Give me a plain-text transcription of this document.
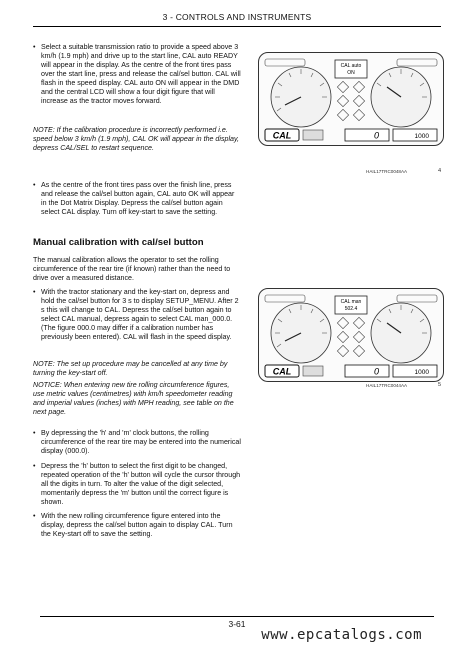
3 - CONTROLS AND INSTRUMENTS
• Select a suitable transmission ratio to provide a speed above 3 km/h (1.9 mph) and drive up to the start line, CAL auto READY will appear in the display. As the centre of the front tires pass over the start line, press and release the cal/sel button. CAL will flash in the speed display. CAL auto ON will appear in the DMD and the central LCD will show a four digit figure that will increase as the tractor moves forward.

NOTE: If the calibration procedure is incorrectly performed i.e. speed below 3 km/h (1.9 mph), CAL OK will appear in the display, depress CAL/SEL to restart sequence.
• As the centre of the front tires pass over the finish line, press and release the cal/sel button again, CAL auto OK will appear in the Dot Matrix Display. Depress the cal/sel button again select CAL display. Turn off key-start to save the setting.

Manual calibration with cal/sel button
The manual calibration allows the operator to set the rolling circumference of the rear tire (if known) rather than the need to drive over a measured distance.
• With the tractor stationary and the key-start on, depress and hold the cal/sel button for 3 s to display SETUP_MENU. After 2 s this will change to CAL. Depress the cal/sel button again to select CAL manual, depress again to select CAL man_000.0. (The figure 000.0 may differ if a calibration number has previously been entered). CAL will flash in the speed display.

NOTE: The set up procedure may be cancelled at any time by turning the key-start off.
NOTICE: When entering new tire rolling circumference figures, use metric values (centimetres) with km/h speedometer reading and imperial values (inches) with MPH reading, see table on the next page.
• By depressing the 'h' and 'm' clock buttons, the rolling circumference of the rear tire may be entered into the numerical display (000.0).

• Depress the 'h' button to select the first digit to be changed, repeated operation of the 'h' button will cycle the cursor through all the digits in turn. To alter the value of the digit selected, momentarily depress the 'm' button until the correct figure is shown.

• With the new rolling circumference figure entered into the display, depress the cal/sel button again to display CAL. Turn the Key-start off to save the setting.

CAL auto
ON
CAL	0	1000
HAIL17TRC0048AA	4
CAL man
502.4
CAL	0	1000
HAIL17TRC0044AA	5
3-61
www.epcatalogs.com
